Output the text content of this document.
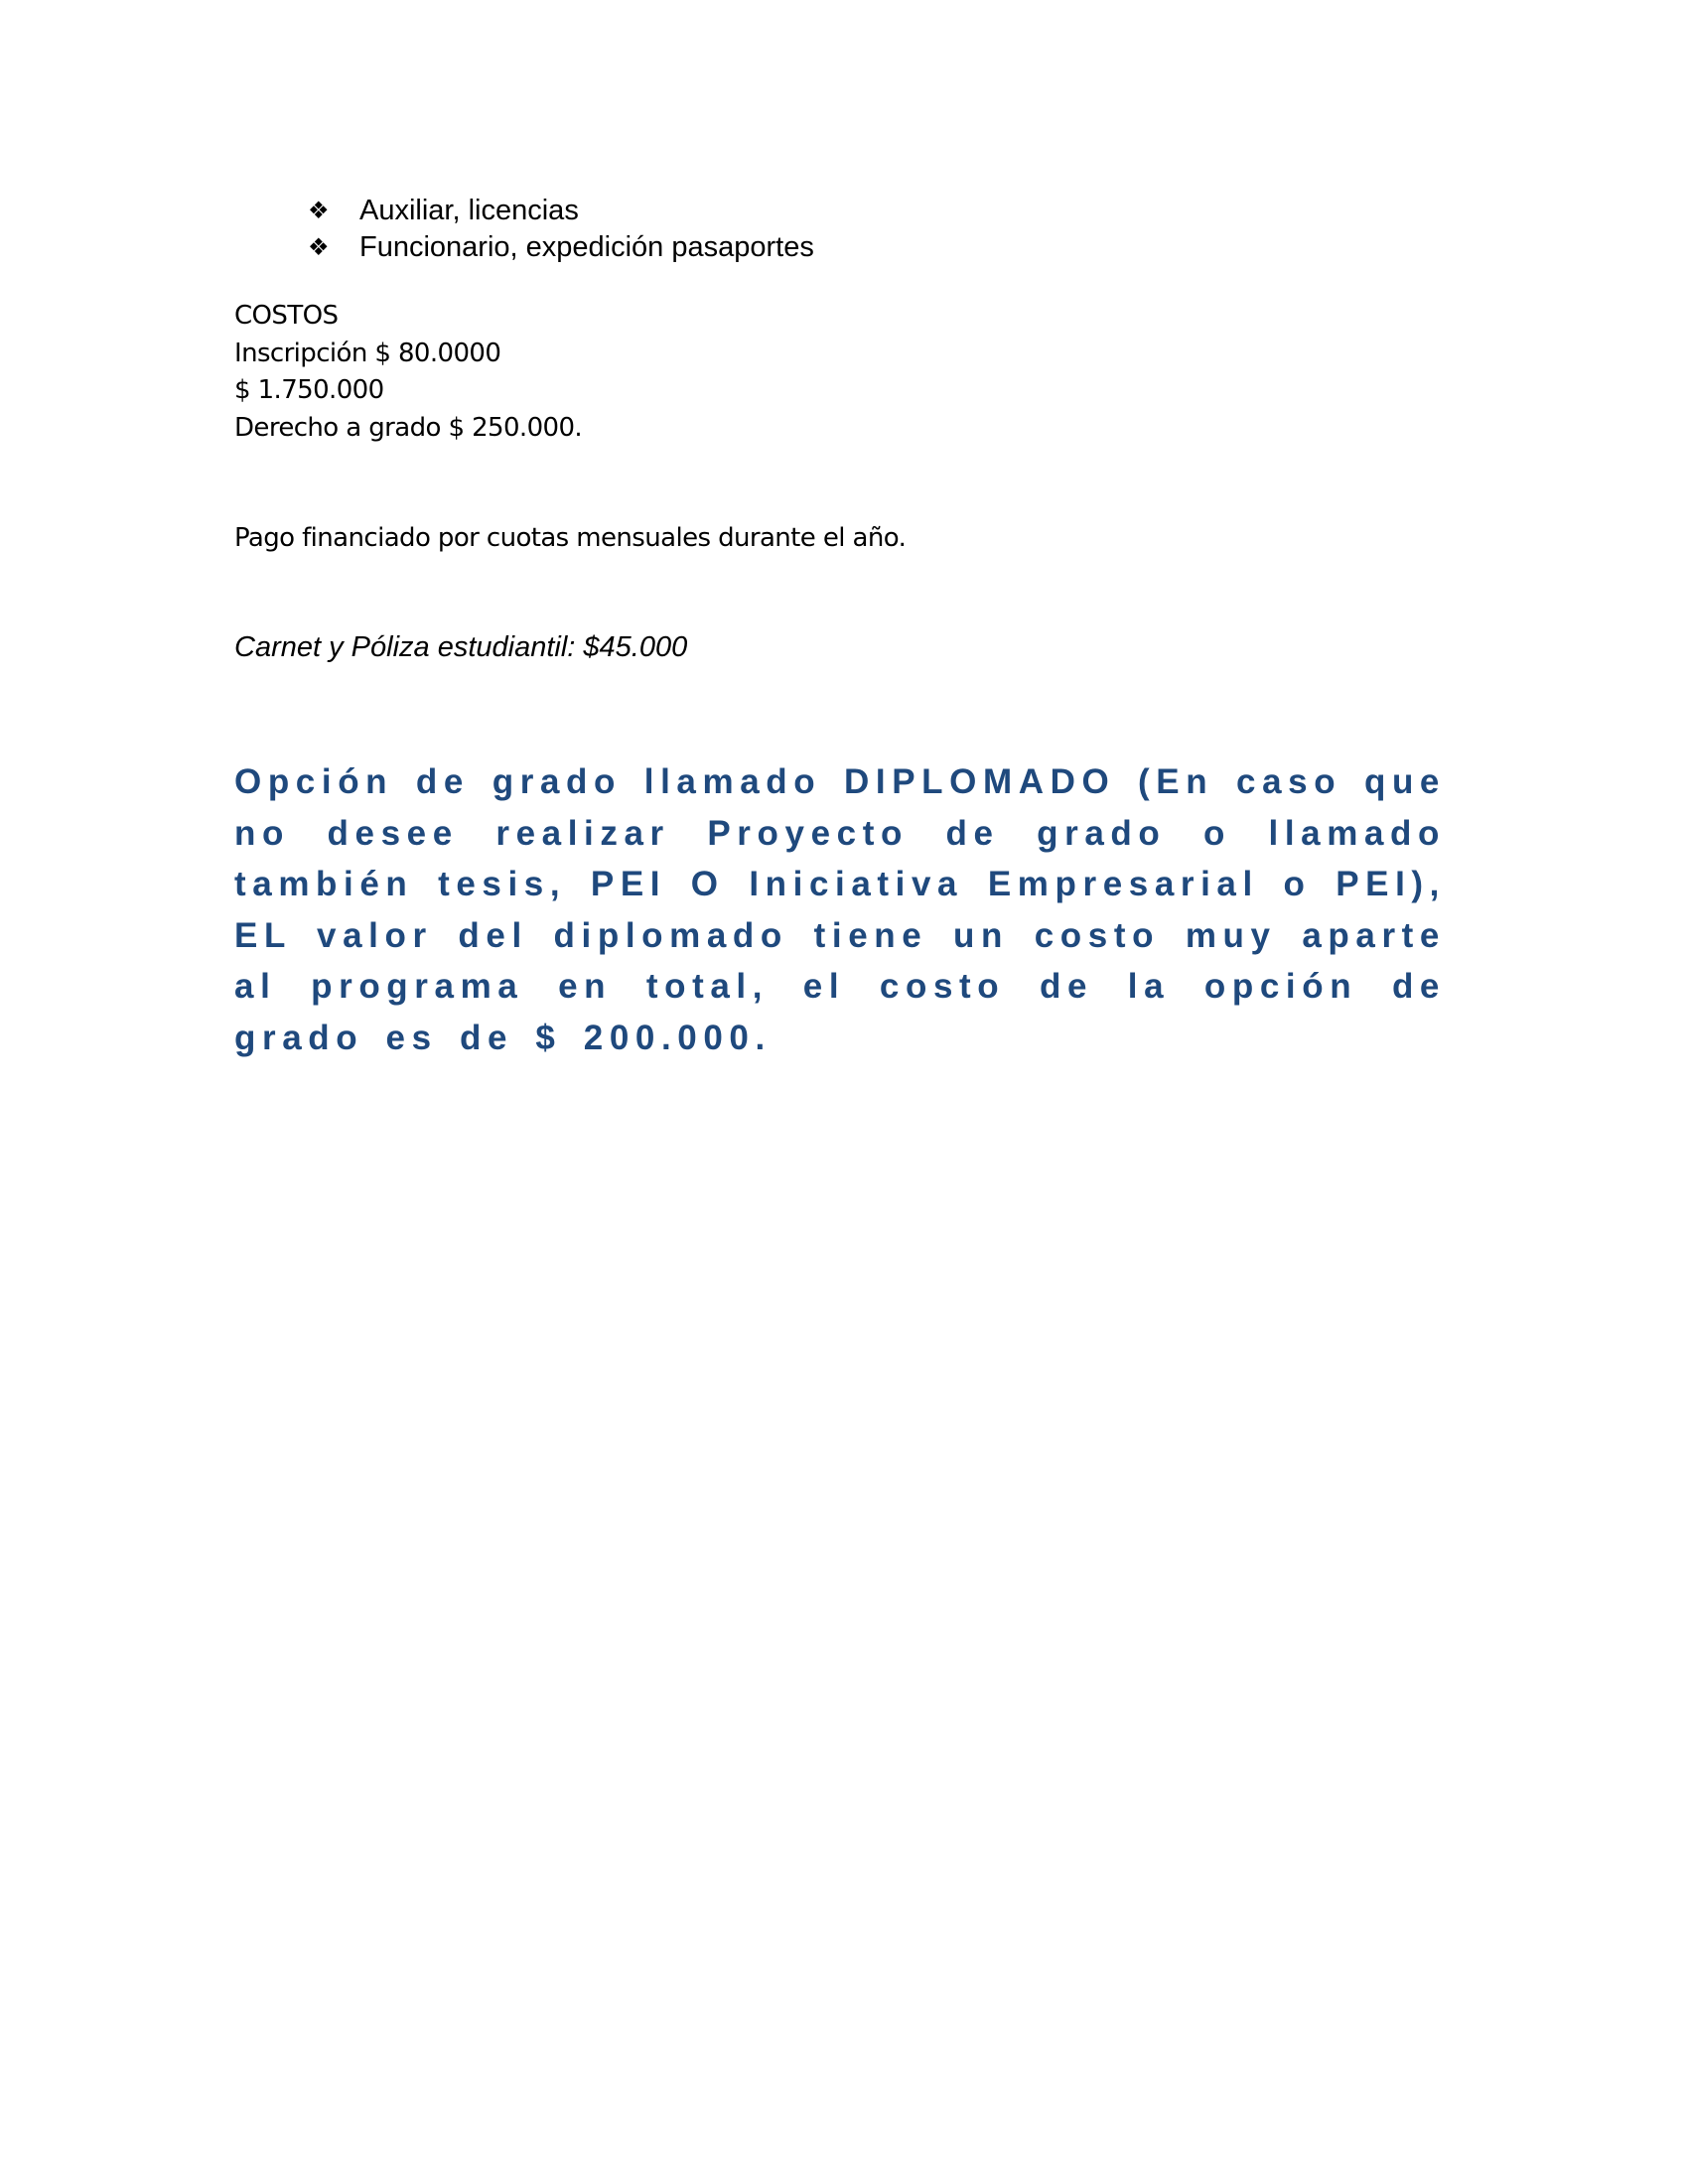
❖	Auxiliar, licencias
❖	Funcionario, expedición pasaportes
COSTOS
Inscripción $ 80.0000
$ 1.750.000
Derecho a grado $ 250.000.
Pago financiado por cuotas mensuales durante el año.
Carnet y Póliza estudiantil: $45.000

Opción de grado llamado DIPLOMADO (En caso que no desee realizar Proyecto de grado o llamado también tesis, PEI O Iniciativa Empresarial o PEI), EL valor del diplomado tiene un costo muy aparte al programa en total, el costo de la opción de grado es de $ 200.000.
